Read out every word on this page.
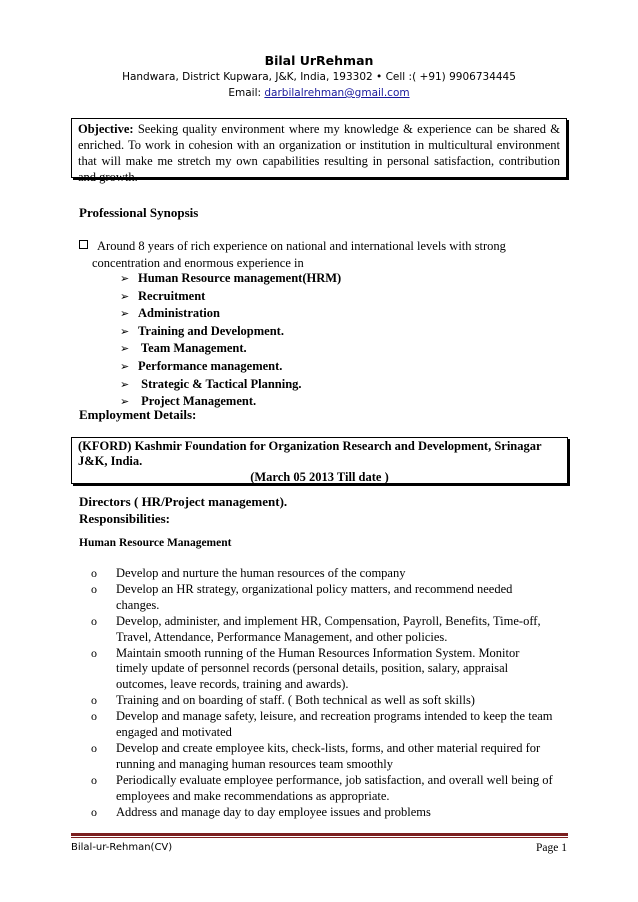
Bilal UrRehman
Handwara, District Kupwara, J&K, India, 193302 • Cell :( +91) 9906734445
Email: darbilalrehman@gmail.com
Objective: Seeking quality environment where my knowledge & experience can be shared & enriched. To work in cohesion with an organization or institution in multicultural environment that will make me stretch my own capabilities resulting in personal satisfaction, contribution and growth.
Professional Synopsis
Around 8 years of rich experience on national and international levels with strong
concentration and enormous experience in
➢ Human Resource management(HRM)
➢ Recruitment
➢ Administration
➢ Training and Development.
➢ Team Management.
➢ Performance management.
➢ Strategic & Tactical Planning.
➢ Project Management.
Employment Details:
(KFORD) Kashmir Foundation for Organization Research and Development, Srinagar
J&K, India.
(March 05 2013 Till date )
Directors ( HR/Project management).
Responsibilities:
Human Resource Management
o Develop and nurture the human resources of the company
o Develop an HR strategy, organizational policy matters, and recommend needed changes.
o Develop, administer, and implement HR, Compensation, Payroll, Benefits, Time-off, Travel, Attendance, Performance Management, and other policies.
o Maintain smooth running of the Human Resources Information System. Monitor timely update of personnel records (personal details, position, salary, appraisal outcomes, leave records, training and awards).
o Training and on boarding of staff. ( Both technical as well as soft skills)
o Develop and manage safety, leisure, and recreation programs intended to keep the team engaged and motivated
o Develop and create employee kits, check-lists, forms, and other material required for running and managing human resources team smoothly
o Periodically evaluate employee performance, job satisfaction, and overall well being of employees and make recommendations as appropriate.
o Address and manage day to day employee issues and problems
Bilal-ur-Rehman(CV)	Page 1
